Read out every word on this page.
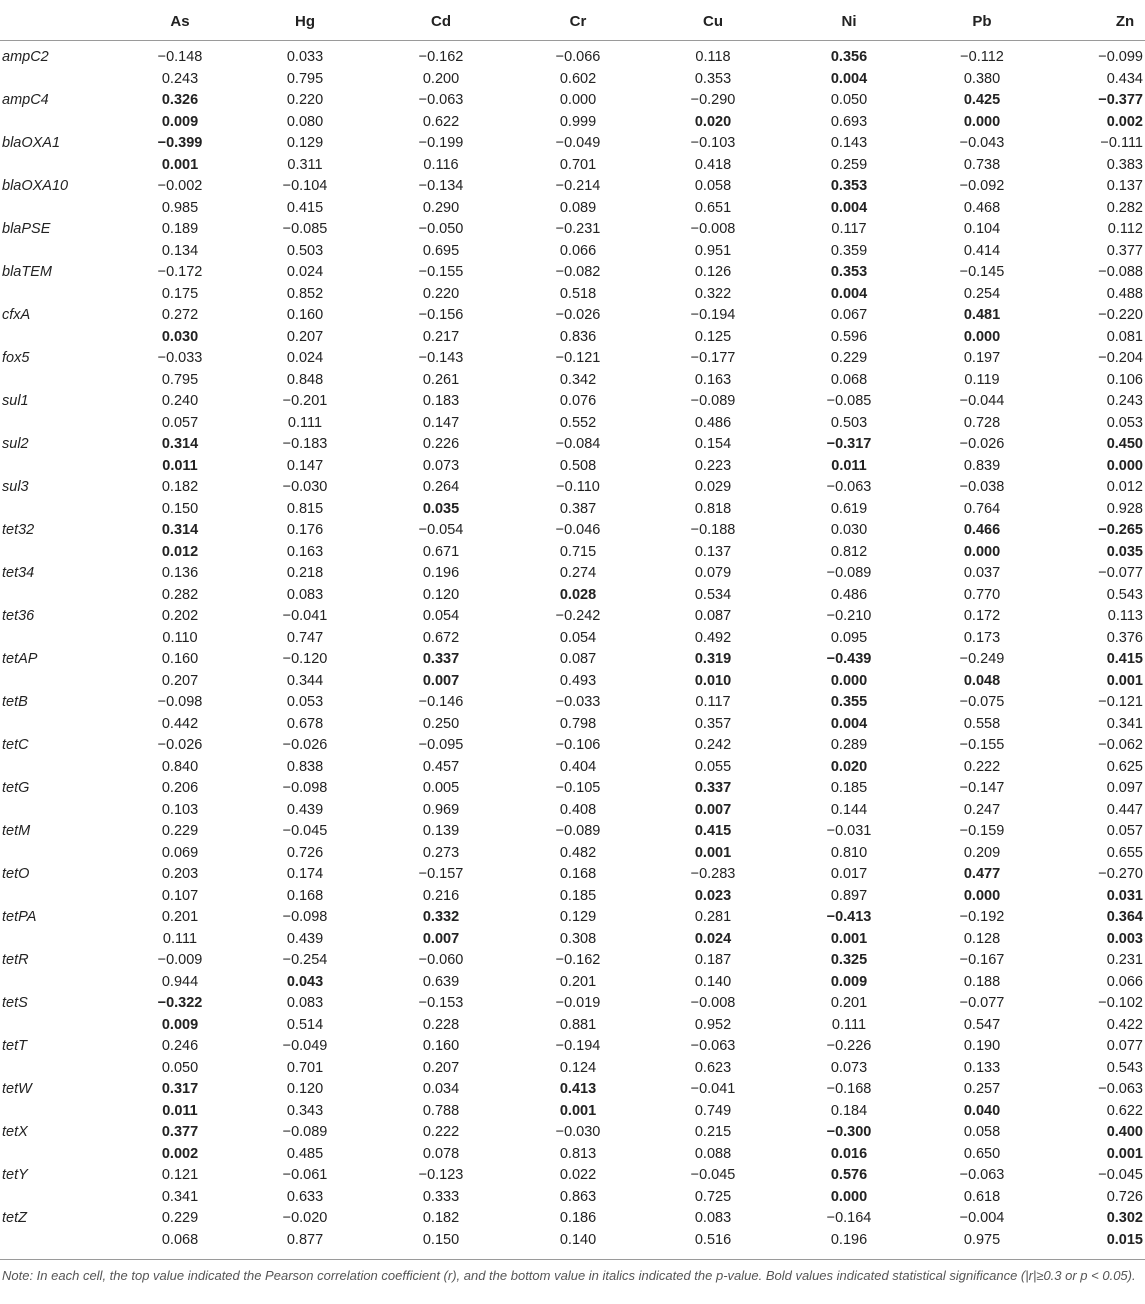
As	Hg	Cd	Cr	Cu	Ni	Pb	Zn
ampC2	−0.148	0.033	−0.162	−0.066	0.118	0.356	−0.112	−0.099
0.243	0.795	0.200	0.602	0.353	0.004	0.380	0.434
ampC4	0.326	0.220	−0.063	0.000	−0.290	0.050	0.425	−0.377
0.009	0.080	0.622	0.999	0.020	0.693	0.000	0.002
blaOXA1	−0.399	0.129	−0.199	−0.049	−0.103	0.143	−0.043	−0.111
0.001	0.311	0.116	0.701	0.418	0.259	0.738	0.383
blaOXA10	−0.002	−0.104	−0.134	−0.214	0.058	0.353	−0.092	0.137
0.985	0.415	0.290	0.089	0.651	0.004	0.468	0.282
blaPSE	0.189	−0.085	−0.050	−0.231	−0.008	0.117	0.104	0.112
0.134	0.503	0.695	0.066	0.951	0.359	0.414	0.377
blaTEM	−0.172	0.024	−0.155	−0.082	0.126	0.353	−0.145	−0.088
0.175	0.852	0.220	0.518	0.322	0.004	0.254	0.488
cfxA	0.272	0.160	−0.156	−0.026	−0.194	0.067	0.481	−0.220
0.030	0.207	0.217	0.836	0.125	0.596	0.000	0.081
fox5	−0.033	0.024	−0.143	−0.121	−0.177	0.229	0.197	−0.204
0.795	0.848	0.261	0.342	0.163	0.068	0.119	0.106
sul1	0.240	−0.201	0.183	0.076	−0.089	−0.085	−0.044	0.243
0.057	0.111	0.147	0.552	0.486	0.503	0.728	0.053
sul2	0.314	−0.183	0.226	−0.084	0.154	−0.317	−0.026	0.450
0.011	0.147	0.073	0.508	0.223	0.011	0.839	0.000
sul3	0.182	−0.030	0.264	−0.110	0.029	−0.063	−0.038	0.012
0.150	0.815	0.035	0.387	0.818	0.619	0.764	0.928
tet32	0.314	0.176	−0.054	−0.046	−0.188	0.030	0.466	−0.265
0.012	0.163	0.671	0.715	0.137	0.812	0.000	0.035
tet34	0.136	0.218	0.196	0.274	0.079	−0.089	0.037	−0.077
0.282	0.083	0.120	0.028	0.534	0.486	0.770	0.543
tet36	0.202	−0.041	0.054	−0.242	0.087	−0.210	0.172	0.113
0.110	0.747	0.672	0.054	0.492	0.095	0.173	0.376
tetAP	0.160	−0.120	0.337	0.087	0.319	−0.439	−0.249	0.415
0.207	0.344	0.007	0.493	0.010	0.000	0.048	0.001
tetB	−0.098	0.053	−0.146	−0.033	0.117	0.355	−0.075	−0.121
0.442	0.678	0.250	0.798	0.357	0.004	0.558	0.341
tetC	−0.026	−0.026	−0.095	−0.106	0.242	0.289	−0.155	−0.062
0.840	0.838	0.457	0.404	0.055	0.020	0.222	0.625
tetG	0.206	−0.098	0.005	−0.105	0.337	0.185	−0.147	0.097
0.103	0.439	0.969	0.408	0.007	0.144	0.247	0.447
tetM	0.229	−0.045	0.139	−0.089	0.415	−0.031	−0.159	0.057
0.069	0.726	0.273	0.482	0.001	0.810	0.209	0.655
tetO	0.203	0.174	−0.157	0.168	−0.283	0.017	0.477	−0.270
0.107	0.168	0.216	0.185	0.023	0.897	0.000	0.031
tetPA	0.201	−0.098	0.332	0.129	0.281	−0.413	−0.192	0.364
0.111	0.439	0.007	0.308	0.024	0.001	0.128	0.003
tetR	−0.009	−0.254	−0.060	−0.162	0.187	0.325	−0.167	0.231
0.944	0.043	0.639	0.201	0.140	0.009	0.188	0.066
tetS	−0.322	0.083	−0.153	−0.019	−0.008	0.201	−0.077	−0.102
0.009	0.514	0.228	0.881	0.952	0.111	0.547	0.422
tetT	0.246	−0.049	0.160	−0.194	−0.063	−0.226	0.190	0.077
0.050	0.701	0.207	0.124	0.623	0.073	0.133	0.543
tetW	0.317	0.120	0.034	0.413	−0.041	−0.168	0.257	−0.063
0.011	0.343	0.788	0.001	0.749	0.184	0.040	0.622
tetX	0.377	−0.089	0.222	−0.030	0.215	−0.300	0.058	0.400
0.002	0.485	0.078	0.813	0.088	0.016	0.650	0.001
tetY	0.121	−0.061	−0.123	0.022	−0.045	0.576	−0.063	−0.045
0.341	0.633	0.333	0.863	0.725	0.000	0.618	0.726
tetZ	0.229	−0.020	0.182	0.186	0.083	−0.164	−0.004	0.302
0.068	0.877	0.150	0.140	0.516	0.196	0.975	0.015
Note: In each cell, the top value indicated the Pearson correlation coefficient (r), and the bottom value in italics indicated the p-value. Bold values indicated statistical significance (|r|≥0.3 or p < 0.05).
